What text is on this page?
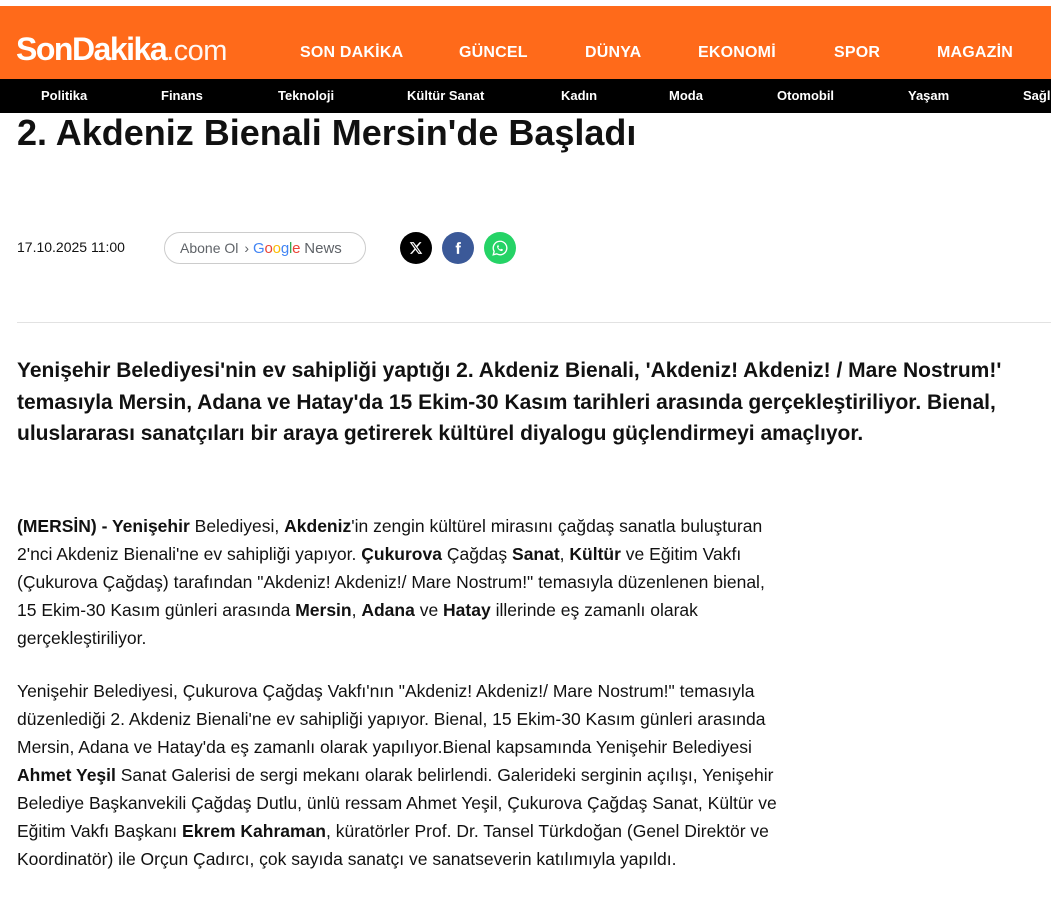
SonDakika.com	SON DAKİKA	GÜNCEL	DÜNYA	EKONOMİ	SPOR	MAGAZİN
Politika	Finans	Teknoloji	Kültür Sanat	Kadın	Moda	Otomobil	Yaşam	Sağlık
2. Akdeniz Bienali Mersin'de Başladı
17.10.2025 11:00	Abone Ol › Google News
Yenişehir Belediyesi'nin ev sahipliği yaptığı 2. Akdeniz Bienali, 'Akdeniz! Akdeniz! / Mare Nostrum!' temasıyla Mersin, Adana ve Hatay'da 15 Ekim-30 Kasım tarihleri arasında gerçekleştiriliyor. Bienal, uluslararası sanatçıları bir araya getirerek kültürel diyalogu güçlendirmeyi amaçlıyor.

(MERSİN) - Yenişehir Belediyesi, Akdeniz'in zengin kültürel mirasını çağdaş sanatla buluşturan 2'nci Akdeniz Bienali'ne ev sahipliği yapıyor. Çukurova Çağdaş Sanat, Kültür ve Eğitim Vakfı (Çukurova Çağdaş) tarafından "Akdeniz! Akdeniz!/ Mare Nostrum!" temasıyla düzenlenen bienal, 15 Ekim-30 Kasım günleri arasında Mersin, Adana ve Hatay illerinde eş zamanlı olarak gerçekleştiriliyor.

Yenişehir Belediyesi, Çukurova Çağdaş Vakfı'nın "Akdeniz! Akdeniz!/ Mare Nostrum!" temasıyla düzenlediği 2. Akdeniz Bienali'ne ev sahipliği yapıyor. Bienal, 15 Ekim-30 Kasım günleri arasında Mersin, Adana ve Hatay'da eş zamanlı olarak yapılıyor.Bienal kapsamında Yenişehir Belediyesi Ahmet Yeşil Sanat Galerisi de sergi mekanı olarak belirlendi. Galerideki serginin açılışı, Yenişehir Belediye Başkanvekili Çağdaş Dutlu, ünlü ressam Ahmet Yeşil, Çukurova Çağdaş Sanat, Kültür ve Eğitim Vakfı Başkanı Ekrem Kahraman, küratörler Prof. Dr. Tansel Türkdoğan (Genel Direktör ve Koordinatör) ile Orçun Çadırcı, çok sayıda sanatçı ve sanatseverin katılımıyla yapıldı.
